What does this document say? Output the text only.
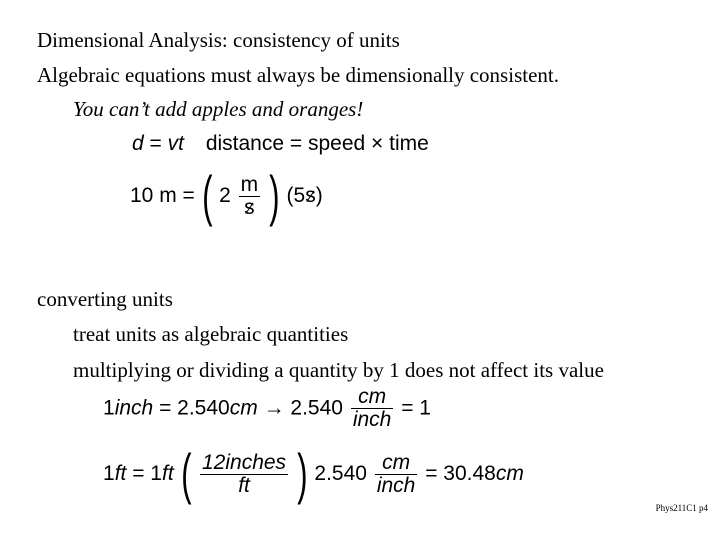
Dimensional Analysis: consistency of units
Algebraic equations must always be dimensionally consistent.
You can’t add apples and oranges!
d = vt distance = speed × time
10 m = ( $2 \frac{m}{s}$ ) (5s)
converting units
treat units as algebraic quantities
multiplying or dividing a quantity by 1 does not affect its value
1inch = $2.540cm \to 2.540 \frac{cm}{\text{inch}} = 1$
1ft = 1ft ( $\frac{\text{12inches}}{ft}$ ) $2.540 \frac{cm}{\text{inch}} = 30.48cm$
Phys211C1 p4
